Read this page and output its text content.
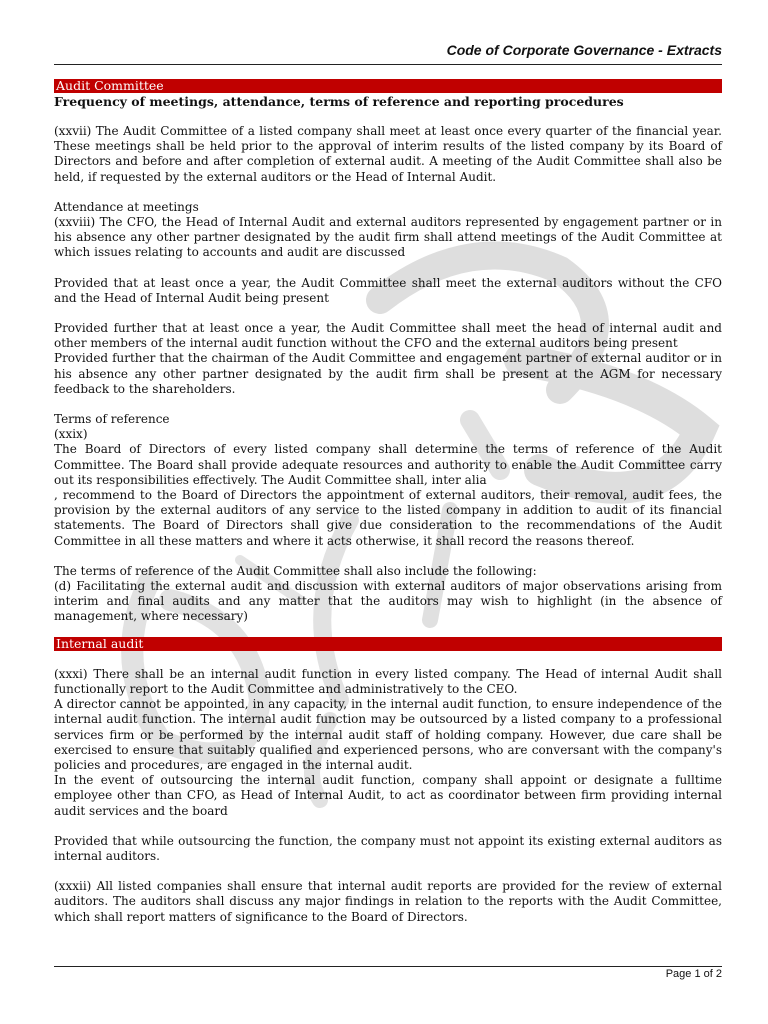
Code of Corporate Governance - Extracts
Audit Committee
Frequency of meetings, attendance, terms of reference and reporting procedures

(xxvii) The Audit Committee of a listed company shall meet at least once every quarter of the financial year. These meetings shall be held prior to the approval of interim results of the listed company by its Board of Directors and before and after completion of external audit. A meeting of the Audit Committee shall also be held, if requested by the external auditors or the Head of Internal Audit.

Attendance at meetings

(xxviii) The CFO, the Head of Internal Audit and external auditors represented by engagement partner or in his absence any other partner designated by the audit firm shall attend meetings of the Audit Committee at which issues relating to accounts and audit are discussed

Provided that at least once a year, the Audit Committee shall meet the external auditors without the CFO and the Head of Internal Audit being present

Provided further that at least once a year, the Audit Committee shall meet the head of internal audit and other members of the internal audit function without the CFO and the external auditors being present

Provided further that the chairman of the Audit Committee and engagement partner of external auditor or in his absence any other partner designated by the audit firm shall be present at the AGM for necessary feedback to the shareholders.

Terms of reference

(xxix)

The Board of Directors of every listed company shall determine the terms of reference of the Audit Committee. The Board shall provide adequate resources and authority to enable the Audit Committee carry out its responsibilities effectively. The Audit Committee shall, inter alia

, recommend to the Board of Directors the appointment of external auditors, their removal, audit fees, the provision by the external auditors of any service to the listed company in addition to audit of its financial statements. The Board of Directors shall give due consideration to the recommendations of the Audit Committee in all these matters and where it acts otherwise, it shall record the reasons thereof.

The terms of reference of the Audit Committee shall also include the following:

(d) Facilitating the external audit and discussion with external auditors of major observations arising from interim and final audits and any matter that the auditors may wish to highlight (in the absence of management, where necessary)

Internal audit

(xxxi) There shall be an internal audit function in every listed company. The Head of internal Audit shall functionally report to the Audit Committee and administratively to the CEO.

A director cannot be appointed, in any capacity, in the internal audit function, to ensure independence of the internal audit function. The internal audit function may be outsourced by a listed company to a professional services firm or be performed by the internal audit staff of holding company. However, due care shall be exercised to ensure that suitably qualified and experienced persons, who are conversant with the company's policies and procedures, are engaged in the internal audit.

In the event of outsourcing the internal audit function, company shall appoint or designate a fulltime employee other than CFO, as Head of Internal Audit, to act as coordinator between firm providing internal audit services and the board

Provided that while outsourcing the function, the company must not appoint its existing external auditors as internal auditors.

(xxxii) All listed companies shall ensure that internal audit reports are provided for the review of external auditors. The auditors shall discuss any major findings in relation to the reports with the Audit Committee, which shall report matters of significance to the Board of Directors.

Page 1 of 2
